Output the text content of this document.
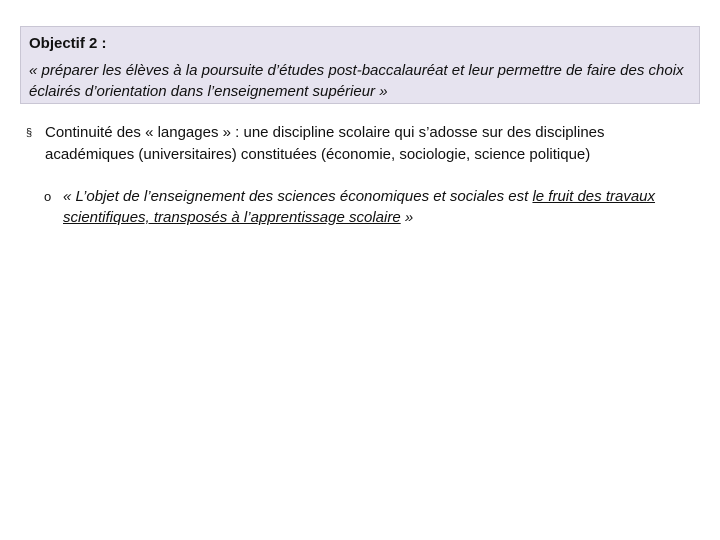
Objectif 2 :

« préparer les élèves à la poursuite d’études post-baccalauréat et leur permettre de faire des choix éclairés d’orientation dans l’enseignement supérieur »

§ Continuité des « langages » : une discipline scolaire qui s’adosse sur des disciplines académiques (universitaires) constituées (économie, sociologie, science politique)
o « L’objet de l’enseignement des sciences économiques et sociales est le fruit des travaux scientifiques, transposés à l’apprentissage scolaire »
